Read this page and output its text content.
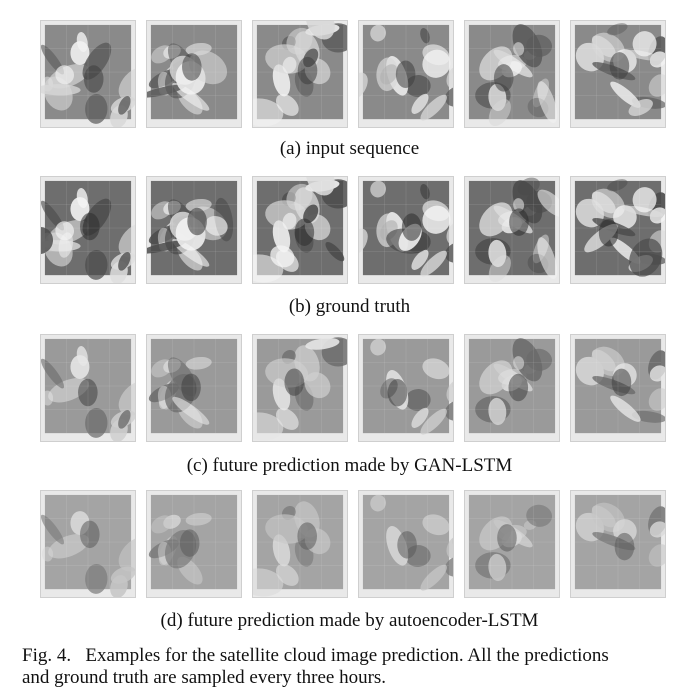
(a) input sequence
(b) ground truth
(c) future prediction made by GAN-LSTM
(d) future prediction made by autoencoder-LSTM
Fig. 4. Examples for the satellite cloud image prediction. All the predictions
and ground truth are sampled every three hours.
